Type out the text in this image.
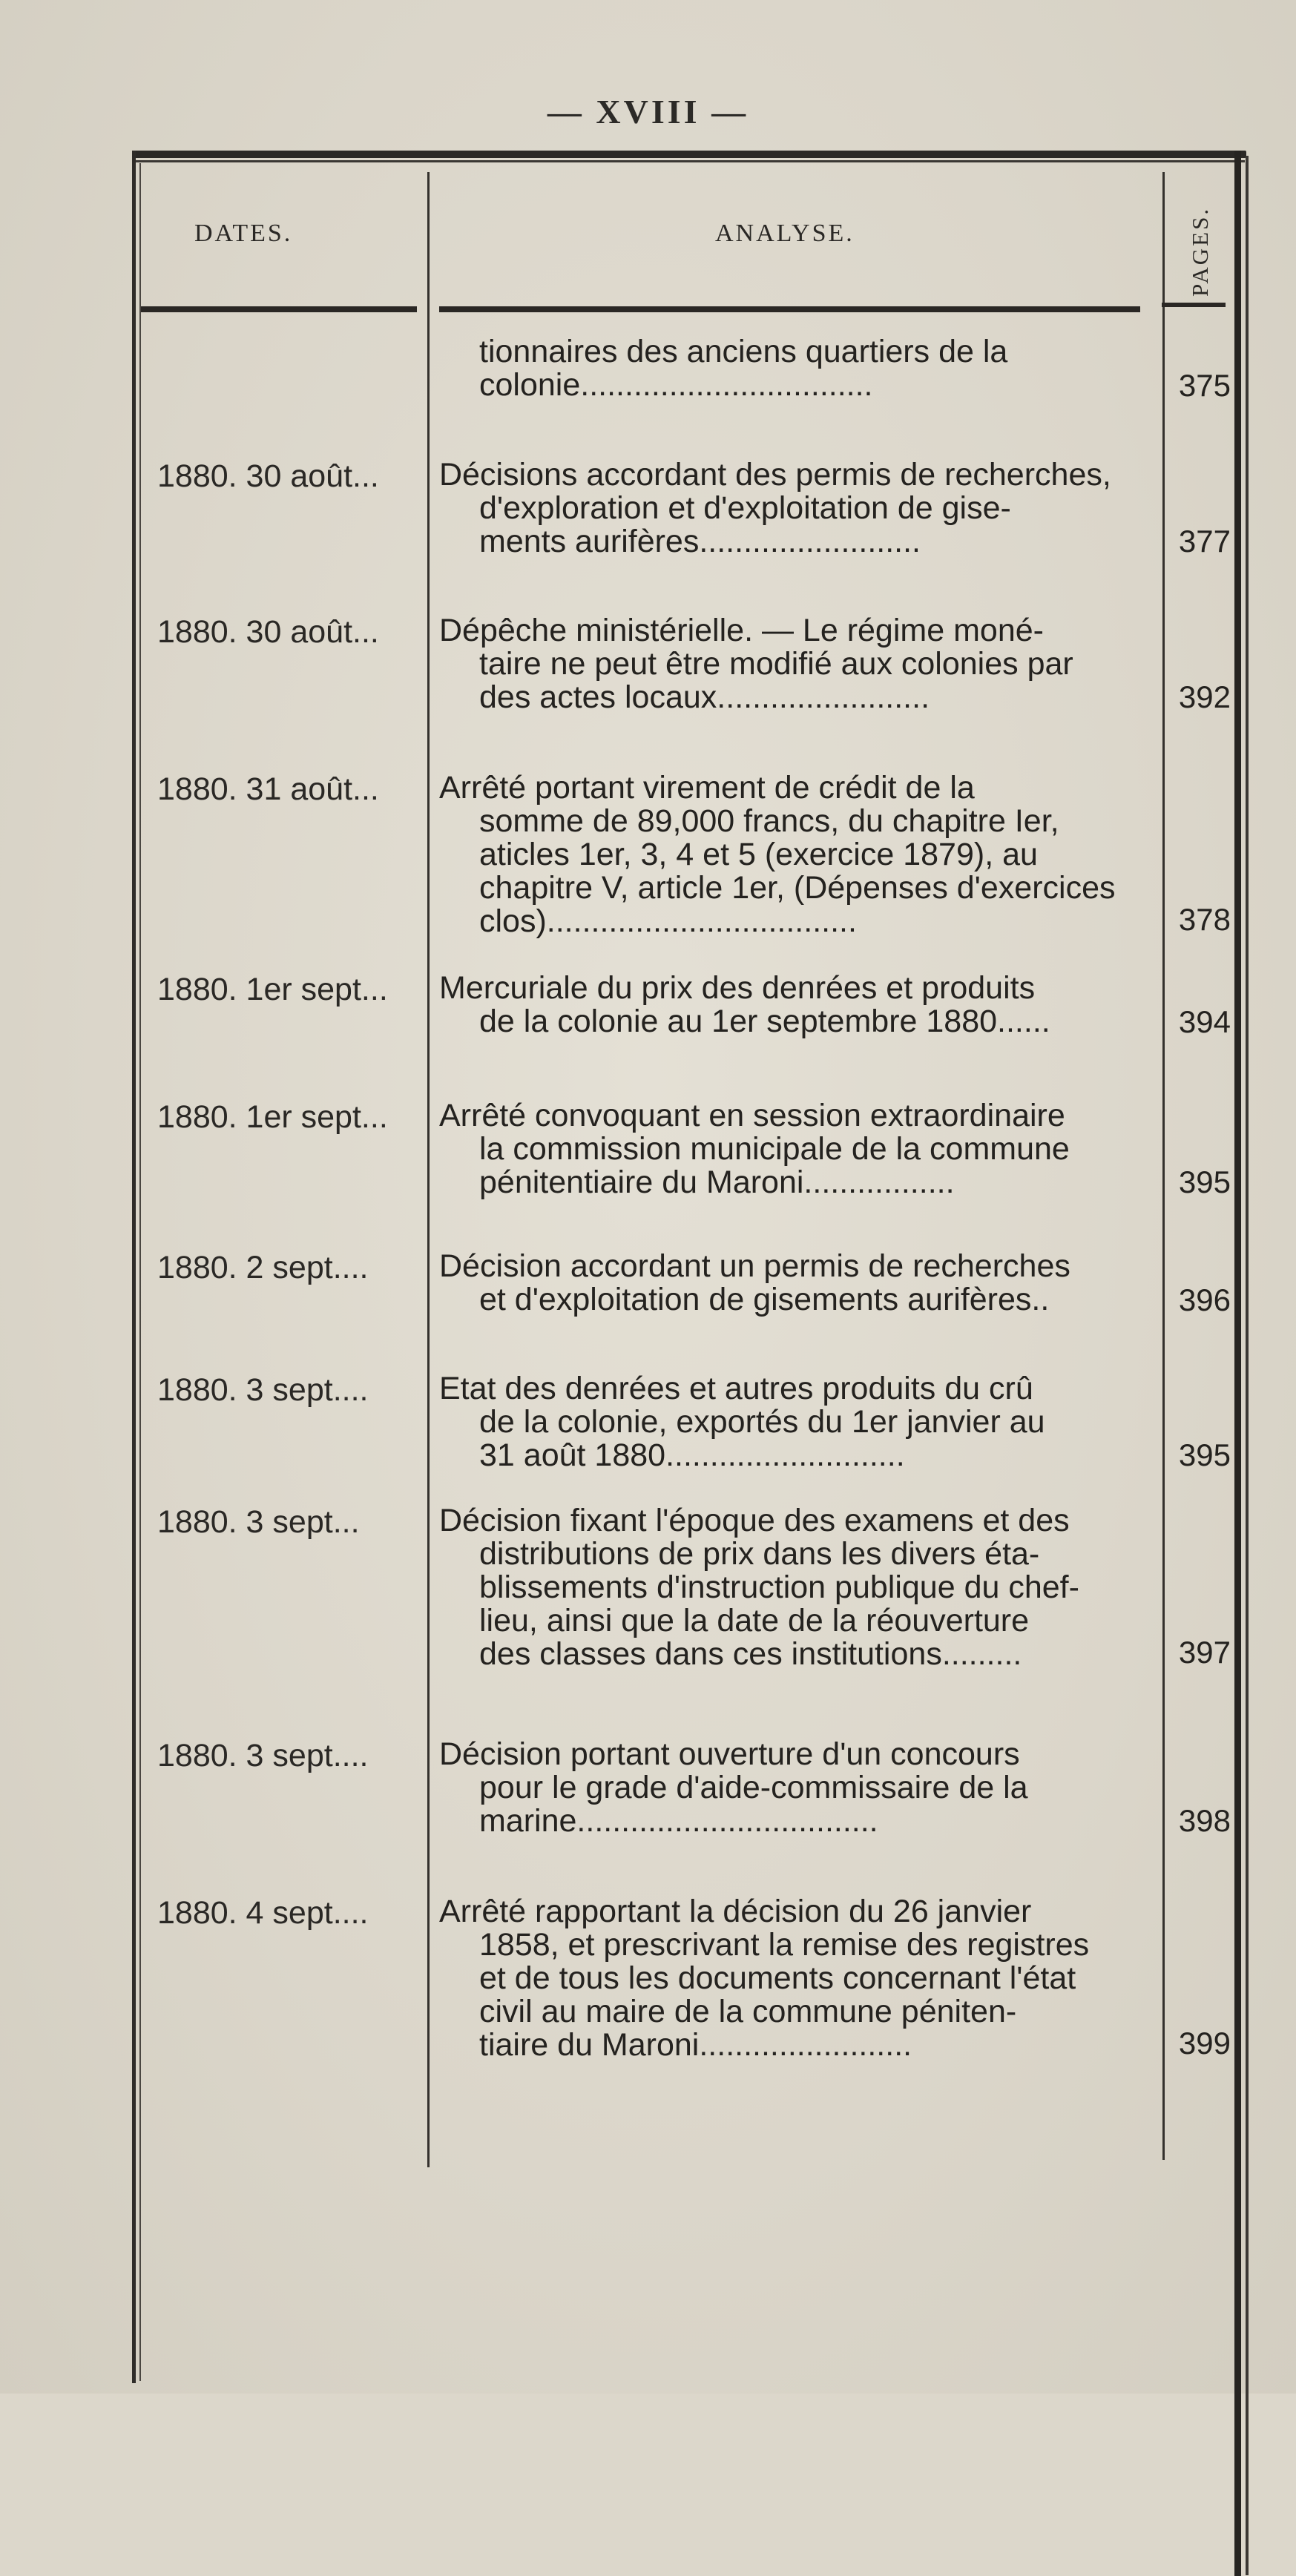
— XVIII —
DATES.	ANALYSE.	PAGES.
tionnaires des anciens quartiers de la
colonie.................................	375
1880. 30 août... Décisions accordant des permis de recherches,
d'exploration et d'exploitation de gise-
ments aurifères.........................	377
1880. 30 août... Dépêche ministérielle. — Le régime moné-
taire ne peut être modifié aux colonies par
des actes locaux........................	392
1880. 31 août... Arrêté portant virement de crédit de la
somme de 89,000 francs, du chapitre Ier,
aticles 1er, 3, 4 et 5 (exercice 1879), au
chapitre V, article 1er, (Dépenses d'exercices
clos)...................................	378
1880. 1er sept... Mercuriale du prix des denrées et produits
de la colonie au 1er septembre 1880......	394
1880. 1er sept... Arrêté convoquant en session extraordinaire
la commission municipale de la commune
pénitentiaire du Maroni.................	395
1880. 2 sept.... Décision accordant un permis de recherches
et d'exploitation de gisements aurifères..	396
1880. 3 sept.... Etat des denrées et autres produits du crû
de la colonie, exportés du 1er janvier au
31 août 1880...........................	395
1880. 3 sept... Décision fixant l'époque des examens et des
distributions de prix dans les divers éta-
blissements d'instruction publique du chef-
lieu, ainsi que la date de la réouverture
des classes dans ces institutions.........	397
1880. 3 sept.... Décision portant ouverture d'un concours
pour le grade d'aide-commissaire de la
marine..................................	398
1880. 4 sept.... Arrêté rapportant la décision du 26 janvier
1858, et prescrivant la remise des registres
et de tous les documents concernant l'état
civil au maire de la commune péniten-
tiaire du Maroni........................	399
